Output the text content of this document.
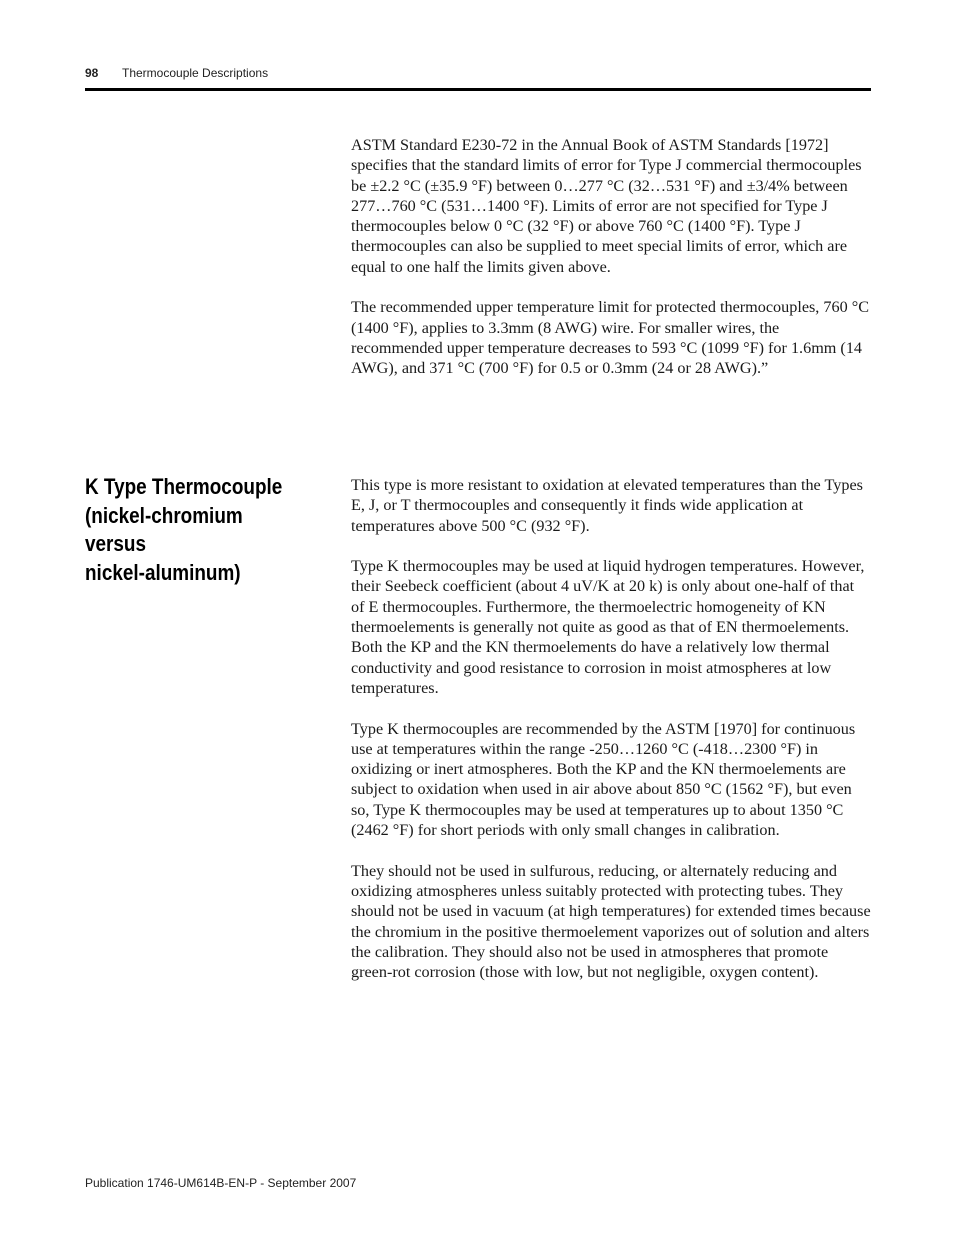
98	Thermocouple Descriptions

ASTM Standard E230-72 in the Annual Book of ASTM Standards [1972] specifies that the standard limits of error for Type J commercial thermocouples be ±2.2 °C (±35.9 °F) between 0…277 °C (32…531 °F) and ±3/4% between 277…760 °C (531…1400 °F). Limits of error are not specified for Type J thermocouples below 0 °C (32 °F) or above 760 °C (1400 °F). Type J thermocouples can also be supplied to meet special limits of error, which are equal to one half the limits given above.

The recommended upper temperature limit for protected thermocouples, 760 °C (1400 °F), applies to 3.3mm (8 AWG) wire. For smaller wires, the recommended upper temperature decreases to 593 °C (1099 °F) for 1.6mm (14 AWG), and 371 °C (700 °F) for 0.5 or 0.3mm (24 or 28 AWG).”

K Type Thermocouple
(nickel-chromium versus
nickel-aluminum)

This type is more resistant to oxidation at elevated temperatures than the Types E, J, or T thermocouples and consequently it finds wide application at temperatures above 500 °C (932 °F).

Type K thermocouples may be used at liquid hydrogen temperatures. However, their Seebeck coefficient (about 4 uV/K at 20 k) is only about one-half of that of E thermocouples. Furthermore, the thermoelectric homogeneity of KN thermoelements is generally not quite as good as that of EN thermoelements. Both the KP and the KN thermoelements do have a relatively low thermal conductivity and good resistance to corrosion in moist atmospheres at low temperatures.

Type K thermocouples are recommended by the ASTM [1970] for continuous use at temperatures within the range -250…1260 °C (-418…2300 °F) in oxidizing or inert atmospheres. Both the KP and the KN thermoelements are subject to oxidation when used in air above about 850 °C (1562 °F), but even so, Type K thermocouples may be used at temperatures up to about 1350 °C (2462 °F) for short periods with only small changes in calibration.

They should not be used in sulfurous, reducing, or alternately reducing and oxidizing atmospheres unless suitably protected with protecting tubes. They should not be used in vacuum (at high temperatures) for extended times because the chromium in the positive thermoelement vaporizes out of solution and alters the calibration. They should also not be used in atmospheres that promote green-rot corrosion (those with low, but not negligible, oxygen content).

Publication 1746-UM614B-EN-P - September 2007
